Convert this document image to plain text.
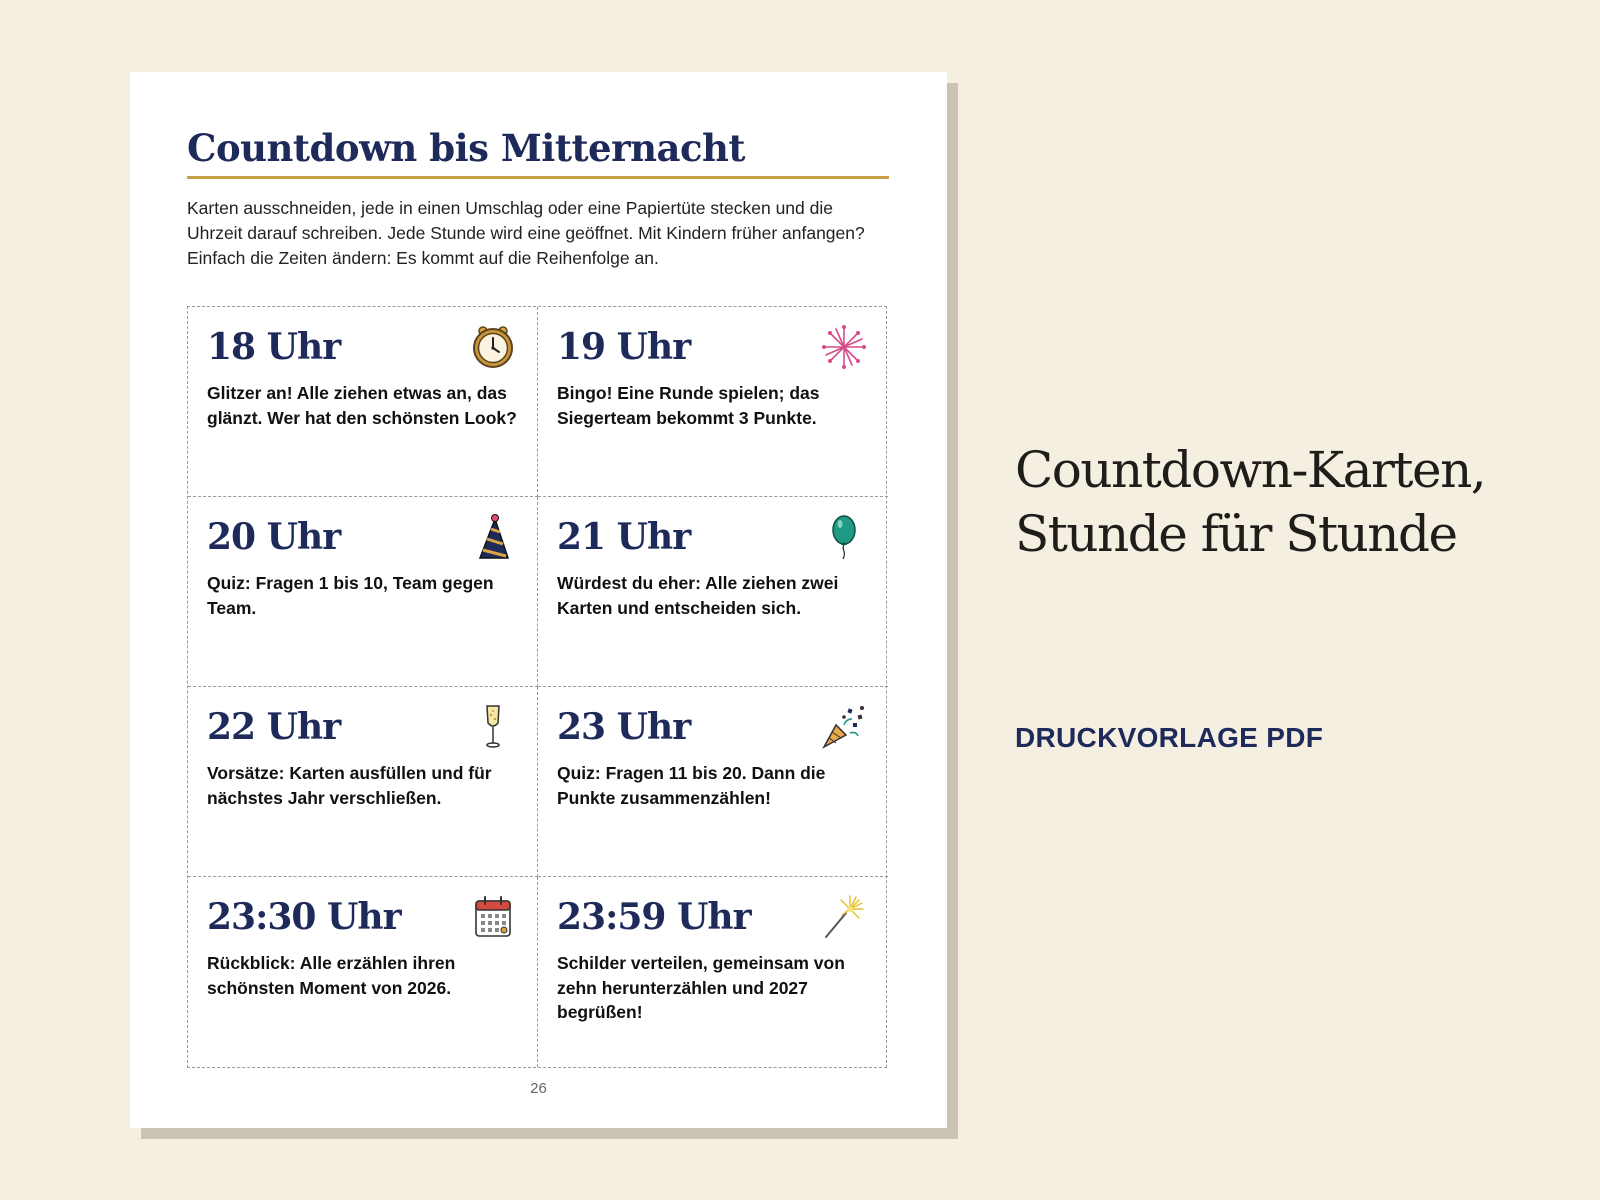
Countdown bis Mitternacht

Karten ausschneiden, jede in einen Umschlag oder eine Papiertüte stecken und die Uhrzeit darauf schreiben. Jede Stunde wird eine geöffnet. Mit Kindern früher anfangen? Einfach die Zeiten ändern: Es kommt auf die Reihenfolge an.

18 Uhr
Glitzer an! Alle ziehen etwas an, das glänzt. Wer hat den schönsten Look?
19 Uhr
Bingo! Eine Runde spielen; das Siegerteam bekommt 3 Punkte.
20 Uhr
Quiz: Fragen 1 bis 10, Team gegen Team.
21 Uhr
Würdest du eher: Alle ziehen zwei Karten und entscheiden sich.
22 Uhr
Vorsätze: Karten ausfüllen und für nächstes Jahr verschließen.
23 Uhr
Quiz: Fragen 11 bis 20. Dann die Punkte zusammenzählen!
23:30 Uhr
Rückblick: Alle erzählen ihren schönsten Moment von 2026.
23:59 Uhr
Schilder verteilen, gemeinsam von zehn herunterzählen und 2027 begrüßen!
26
Countdown-Karten,
Stunde für Stunde
DRUCKVORLAGE PDF
